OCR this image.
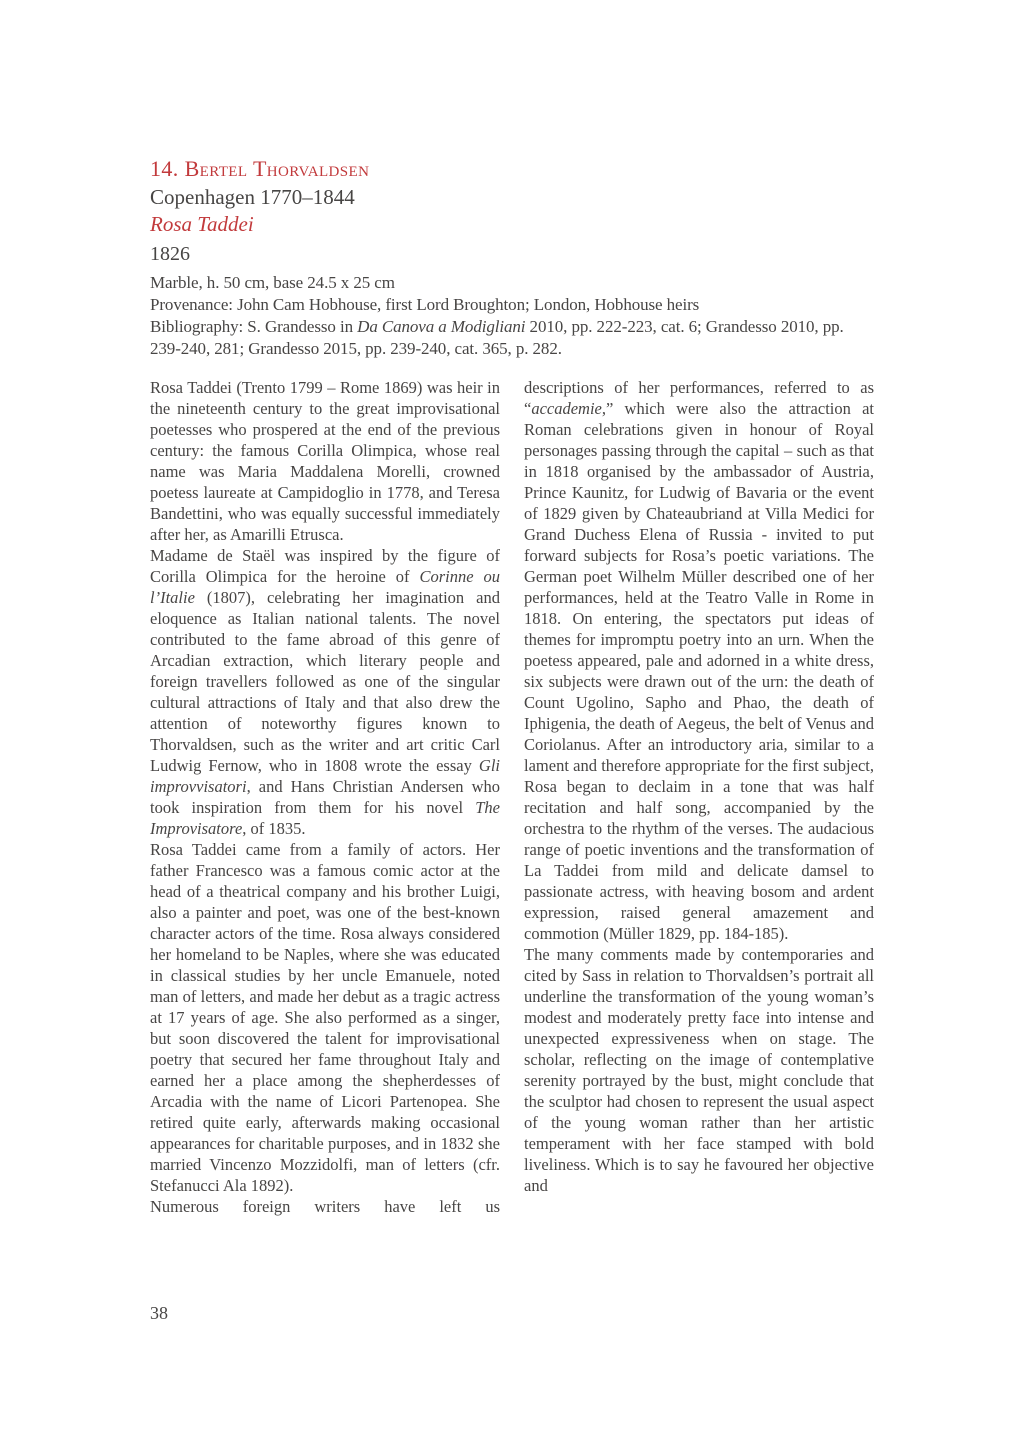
14. Bertel Thorvaldsen

Copenhagen 1770–1844

Rosa Taddei

1826

Marble, h. 50 cm, base 24.5 x 25 cm

Provenance: John Cam Hobhouse, first Lord Broughton; London, Hobhouse heirs

Bibliography: S. Grandesso in Da Canova a Modigliani 2010, pp. 222-223, cat. 6; Grandesso 2010, pp. 239-240, 281; Grandesso 2015, pp. 239-240, cat. 365, p. 282.

Rosa Taddei (Trento 1799 – Rome 1869) was heir in the nineteenth century to the great improvisational poetesses who prospered at the end of the previous century: the famous Corilla Olimpica, whose real name was Maria Maddalena Morelli, crowned poetess laureate at Campidoglio in 1778, and Teresa Bandettini, who was equally successful immediately after her, as Amarilli Etrusca.

Madame de Staël was inspired by the figure of Corilla Olimpica for the heroine of Corinne ou l’Italie (1807), celebrating her imagination and eloquence as Italian national talents. The novel contributed to the fame abroad of this genre of Arcadian extraction, which literary people and foreign travellers followed as one of the singular cultural attractions of Italy and that also drew the attention of noteworthy figures known to Thorvaldsen, such as the writer and art critic Carl Ludwig Fernow, who in 1808 wrote the essay Gli improvvisatori, and Hans Christian Andersen who took inspiration from them for his novel The Improvisatore, of 1835.

Rosa Taddei came from a family of actors. Her father Francesco was a famous comic actor at the head of a theatrical company and his brother Luigi, also a painter and poet, was one of the best-known character actors of the time. Rosa always considered her homeland to be Naples, where she was educated in classical studies by her uncle Emanuele, noted man of letters, and made her debut as a tragic actress at 17 years of age. She also performed as a singer, but soon discovered the talent for improvisational poetry that secured her fame throughout Italy and earned her a place among the shepherdesses of Arcadia with the name of Licori Partenopea. She retired quite early, afterwards making occasional appearances for charitable purposes, and in 1832 she married Vincenzo Mozzidolfi, man of letters (cfr. Stefanucci Ala 1892).

Numerous foreign writers have left us

descriptions of her performances, referred to as “accademie,” which were also the attraction at Roman celebrations given in honour of Royal personages passing through the capital – such as that in 1818 organised by the ambassador of Austria, Prince Kaunitz, for Ludwig of Bavaria or the event of 1829 given by Chateaubriand at Villa Medici for Grand Duchess Elena of Russia - invited to put forward subjects for Rosa’s poetic variations. The German poet Wilhelm Müller described one of her performances, held at the Teatro Valle in Rome in 1818. On entering, the spectators put ideas of themes for impromptu poetry into an urn. When the poetess appeared, pale and adorned in a white dress, six subjects were drawn out of the urn: the death of Count Ugolino, Sapho and Phao, the death of Iphigenia, the death of Aegeus, the belt of Venus and Coriolanus. After an introductory aria, similar to a lament and therefore appropriate for the first subject, Rosa began to declaim in a tone that was half recitation and half song, accompanied by the orchestra to the rhythm of the verses. The audacious range of poetic inventions and the transformation of La Taddei from mild and delicate damsel to passionate actress, with heaving bosom and ardent expression, raised general amazement and commotion (Müller 1829, pp. 184-185).

The many comments made by contemporaries and cited by Sass in relation to Thorvaldsen’s portrait all underline the transformation of the young woman’s modest and moderately pretty face into intense and unexpected expressiveness when on stage. The scholar, reflecting on the image of contemplative serenity portrayed by the bust, might conclude that the sculptor had chosen to represent the usual aspect of the young woman rather than her artistic temperament with her face stamped with bold liveliness. Which is to say he favoured her objective and

38
